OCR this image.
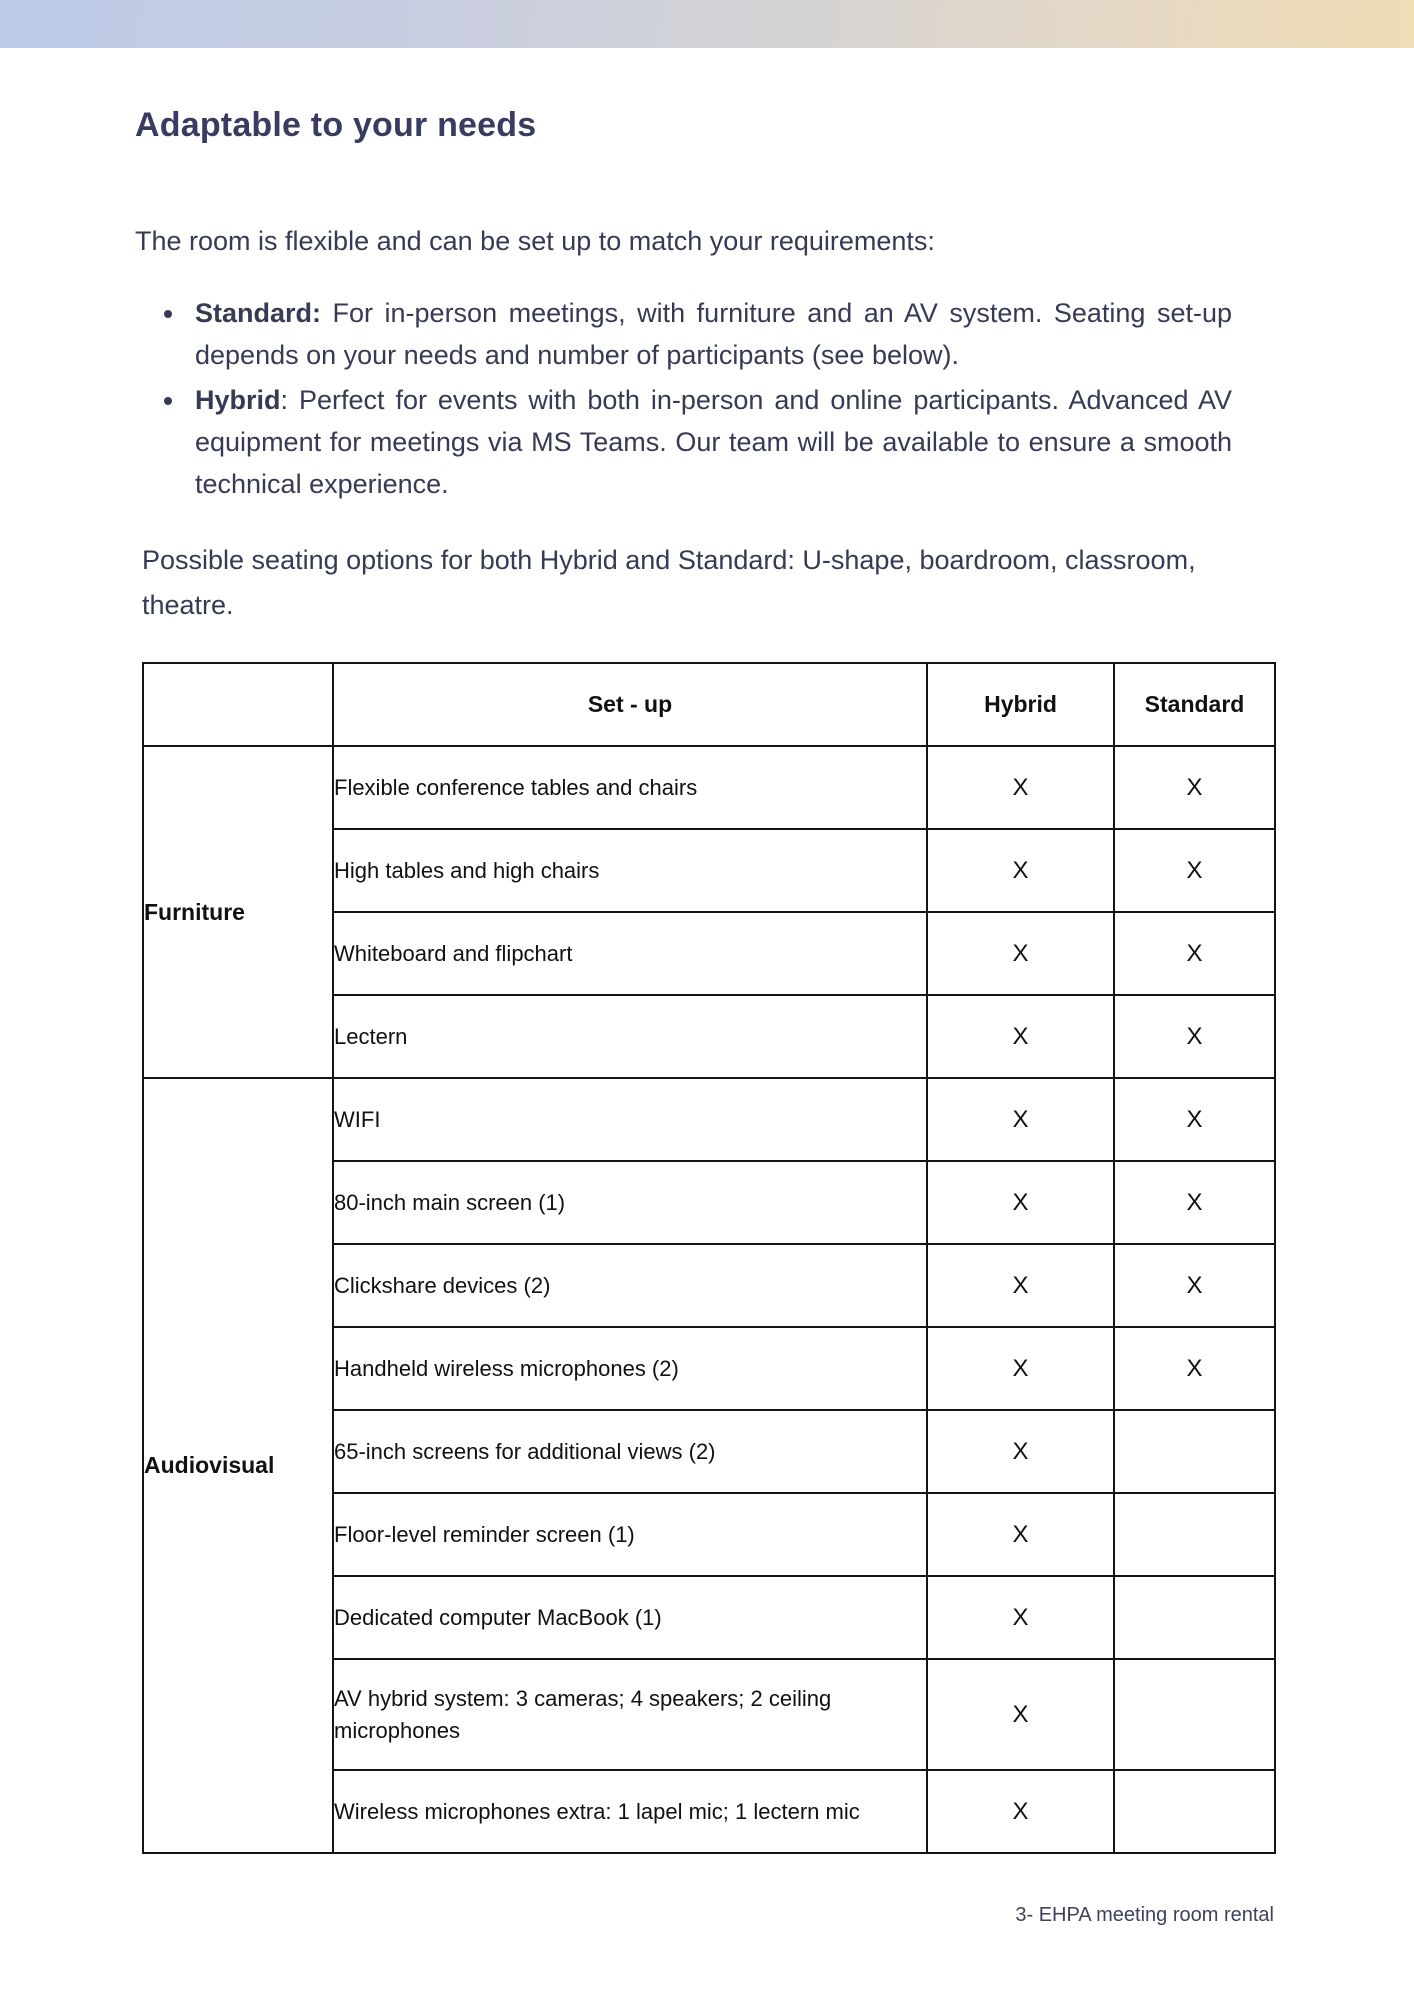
Adaptable to your needs

The room is flexible and can be set up to match your requirements:

• Standard: For in-person meetings, with furniture and an AV system. Seating set-up depends on your needs and number of participants (see below).
• Hybrid: Perfect for events with both in-person and online participants. Advanced AV equipment for meetings via MS Teams. Our team will be available to ensure a smooth technical experience.

Possible seating options for both Hybrid and Standard: U-shape, boardroom, classroom, theatre.

	Set - up	Hybrid	Standard
Furniture	Flexible conference tables and chairs	X	X
	High tables and high chairs	X	X
	Whiteboard and flipchart	X	X
	Lectern	X	X
Audiovisual	WIFI	X	X
	80-inch main screen (1)	X	X
	Clickshare devices (2)	X	X
	Handheld wireless microphones (2)	X	X
	65-inch screens for additional views (2)	X	
	Floor-level reminder screen (1)	X	
	Dedicated computer MacBook (1)	X	
	AV hybrid system: 3 cameras; 4 speakers; 2 ceiling microphones	X	
	Wireless microphones extra: 1 lapel mic; 1 lectern mic	X	

3- EHPA meeting room rental
